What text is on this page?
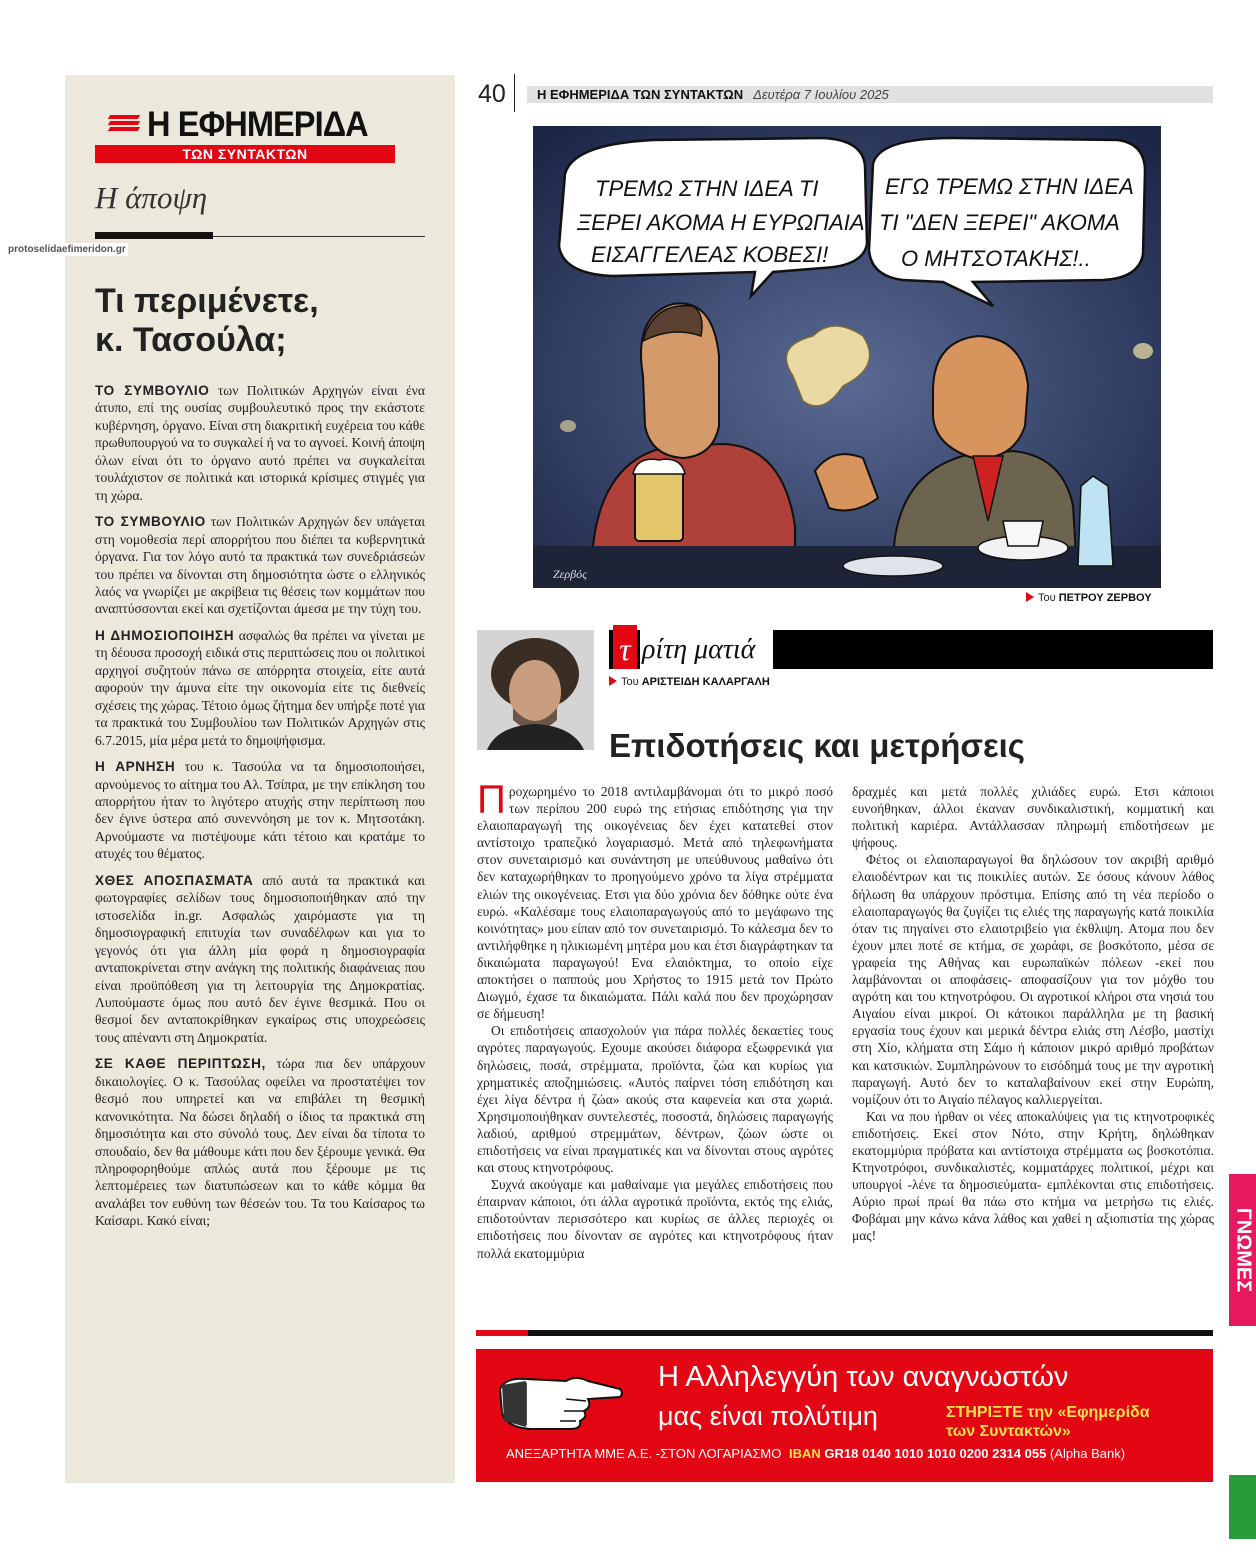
Η ΕΦΗΜΕΡΙΔΑ
ΤΩΝ ΣΥΝΤΑΚΤΩΝ
Η άποψη
Τι περιμένετε,
κ. Τασούλα;

ΤΟ ΣΥΜΒΟΥΛΙΟ των Πολιτικών Αρχηγών είναι ένα άτυπο, επί της ουσίας συμβουλευτικό προς την εκάστοτε κυβέρνηση, όργανο. Είναι στη διακριτική ευχέρεια του κάθε πρωθυπουργού να το συγκαλεί ή να το αγνοεί. Κοινή άποψη όλων είναι ότι το όργανο αυτό πρέπει να συγκαλείται τουλάχιστον σε πολιτικά και ιστορικά κρίσιμες στιγμές για τη χώρα.

ΤΟ ΣΥΜΒΟΥΛΙΟ των Πολιτικών Αρχηγών δεν υπάγεται στη νομοθεσία περί απορρήτου που διέπει τα κυβερνητικά όργανα. Για τον λόγο αυτό τα πρακτικά των συνεδριάσεών του πρέπει να δίνονται στη δημοσιότητα ώστε ο ελληνικός λαός να γνωρίζει με ακρίβεια τις θέσεις των κομμάτων που αναπτύσσονται εκεί και σχετίζονται άμεσα με την τύχη του.

Η ΔΗΜΟΣΙΟΠΟΙΗΣΗ ασφαλώς θα πρέπει να γίνεται με τη δέουσα προσοχή ειδικά στις περιπτώσεις που οι πολιτικοί αρχηγοί συζητούν πάνω σε απόρρητα στοιχεία, είτε αυτά αφορούν την άμυνα είτε την οικονομία είτε τις διεθνείς σχέσεις της χώρας. Τέτοιο όμως ζήτημα δεν υπήρξε ποτέ για τα πρακτικά του Συμβουλίου των Πολιτικών Αρχηγών στις 6.7.2015, μία μέρα μετά το δημοψήφισμα.

Η ΑΡΝΗΣΗ του κ. Τασούλα να τα δημοσιοποιήσει, αρνούμενος το αίτημα του Αλ. Τσίπρα, με την επίκληση του απορρήτου ήταν το λιγότερο ατυχής στην περίπτωση που δεν έγινε ύστερα από συνεννόηση με τον κ. Μητσοτάκη. Αρνούμαστε να πιστέψουμε κάτι τέτοιο και κρατάμε το ατυχές του θέματος.

ΧΘΕΣ ΑΠΟΣΠΑΣΜΑΤΑ από αυτά τα πρακτικά και φωτογραφίες σελίδων τους δημοσιοποιήθηκαν από την ιστοσελίδα in.gr. Ασφαλώς χαιρόμαστε για τη δημοσιογραφική επιτυχία των συναδέλφων και για το γεγονός ότι για άλλη μία φορά η δημοσιογραφία ανταποκρίνεται στην ανάγκη της πολιτικής διαφάνειας που είναι προϋπόθεση για τη λειτουργία της Δημοκρατίας. Λυπούμαστε όμως που αυτό δεν έγινε θεσμικά. Που οι θεσμοί δεν ανταποκρίθηκαν εγκαίρως στις υποχρεώσεις τους απέναντι στη Δημοκρατία.

ΣΕ ΚΑΘΕ ΠΕΡΙΠΤΩΣΗ, τώρα πια δεν υπάρχουν δικαιολογίες. Ο κ. Τασούλας οφείλει να προστατέψει τον θεσμό που υπηρετεί και να επιβάλει τη θεσμική κανονικότητα. Να δώσει δηλαδή ο ίδιος τα πρακτικά στη δημοσιότητα και στο σύνολό τους. Δεν είναι δα τίποτα το σπουδαίο, δεν θα μάθουμε κάτι που δεν ξέρουμε γενικά. Θα πληροφορηθούμε απλώς αυτά που ξέρουμε με τις λεπτομέρειες των διατυπώσεων και το κάθε κόμμα θα αναλάβει τον ευθύνη των θέσεών του. Τα του Καίσαρος τω Καίσαρι. Κακό είναι;

protoselidaefimeridon.gr
40	Η ΕΦΗΜΕΡΙΔΑ ΤΩΝ ΣΥΝΤΑΚΤΩΝ Δευτέρα 7 Ιουλίου 2025
ΤΡΕΜΩ ΣΤΗΝ ΙΔΕΑ ΤΙ
ΞΕΡΕΙ ΑΚΟΜΑ Η ΕΥΡΩΠΑΙΑ
ΕΙΣΑΓΓΕΛΕΑΣ ΚΟΒΕΣΙ!
ΕΓΩ ΤΡΕΜΩ ΣΤΗΝ ΙΔΕΑ
ΤΙ "ΔΕΝ ΞΕΡΕΙ" ΑΚΟΜΑ
Ο ΜΗΤΣΟΤΑΚΗΣ!..
Ζερβός
Του ΠΕΤΡΟΥ ΖΕΡΒΟΥ
τ ρίτη ματιά
Του ΑΡΙΣΤΕΙΔΗ ΚΑΛΑΡΓΑΛΗ
Επιδοτήσεις και μετρήσεις

Προχωρημένο το 2018 αντιλαμβάνομαι ότι το μικρό ποσό των περίπου 200 ευρώ της ετήσιας επιδότησης για την ελαιοπαραγωγή της οικογένειας δεν έχει κατατεθεί στον αντίστοιχο τραπεζικό λογαριασμό. Μετά από τηλεφωνήματα στον συνεταιρισμό και συνάντηση με υπεύθυνους μαθαίνω ότι δεν καταχωρήθηκαν το προηγούμενο χρόνο τα λίγα στρέμματα ελιών της οικογένειας. Ετσι για δύο χρόνια δεν δόθηκε ούτε ένα ευρώ. «Καλέσαμε τους ελαιοπαραγωγούς από το μεγάφωνο της κοινότητας» μου είπαν από τον συνεταιρισμό. Το κάλεσμα δεν το αντιλήφθηκε η ηλικιωμένη μητέρα μου και έτσι διαγράφτηκαν τα δικαιώματα παραγωγού! Ενα ελαιόκτημα, το οποίο είχε αποκτήσει ο παππούς μου Χρήστος το 1915 μετά τον Πρώτο Διωγμό, έχασε τα δικαιώματα. Πάλι καλά που δεν προχώρησαν σε δήμευση!

Οι επιδοτήσεις απασχολούν για πάρα πολλές δεκαετίες τους αγρότες παραγωγούς. Εχουμε ακούσει διάφορα εξωφρενικά για δηλώσεις, ποσά, στρέμματα, προϊόντα, ζώα και κυρίως για χρηματικές αποζημιώσεις. «Αυτός παίρνει τόση επιδότηση και έχει λίγα δέντρα ή ζώα» ακούς στα καφενεία και στα χωριά. Χρησιμοποιήθηκαν συντελεστές, ποσοστά, δηλώσεις παραγωγής λαδιού, αριθμού στρεμμάτων, δέντρων, ζώων ώστε οι επιδοτήσεις να είναι πραγματικές και να δίνονται στους αγρότες και στους κτηνοτρόφους.

Συχνά ακούγαμε και μαθαίναμε για μεγάλες επιδοτήσεις που έπαιρναν κάποιοι, ότι άλλα αγροτικά προϊόντα, εκτός της ελιάς, επιδοτούνταν περισσότερο και κυρίως σε άλλες περιοχές οι επιδοτήσεις που δίνονταν σε αγρότες και κτηνοτρόφους ήταν πολλά εκατομμύρια

δραχμές και μετά πολλές χιλιάδες ευρώ. Ετσι κάποιοι ευνοήθηκαν, άλλοι έκαναν συνδικαλιστική, κομματική και πολιτική καριέρα. Αντάλλασσαν πληρωμή επιδοτήσεων με ψήφους.

Φέτος οι ελαιοπαραγωγοί θα δηλώσουν τον ακριβή αριθμό ελαιοδέντρων και τις ποικιλίες αυτών. Σε όσους κάνουν λάθος δήλωση θα υπάρχουν πρόστιμα. Επίσης από τη νέα περίοδο ο ελαιοπαραγωγός θα ζυγίζει τις ελιές της παραγωγής κατά ποικιλία όταν τις πηγαίνει στο ελαιοτριβείο για έκθλιψη. Ατομα που δεν έχουν μπει ποτέ σε κτήμα, σε χωράφι, σε βοσκότοπο, μέσα σε γραφεία της Αθήνας και ευρωπαϊκών πόλεων -εκεί που λαμβάνονται οι αποφάσεις- αποφασίζουν για τον μόχθο του αγρότη και του κτηνοτρόφου. Οι αγροτικοί κλήροι στα νησιά του Αιγαίου είναι μικροί. Οι κάτοικοι παράλληλα με τη βασική εργασία τους έχουν και μερικά δέντρα ελιάς στη Λέσβο, μαστίχι στη Χίο, κλήματα στη Σάμο ή κάποιον μικρό αριθμό προβάτων και κατσικιών. Συμπληρώνουν το εισόδημά τους με την αγροτική παραγωγή. Αυτό δεν το καταλαβαίνουν εκεί στην Ευρώπη, νομίζουν ότι το Αιγαίο πέλαγος καλλιεργείται.

Και να που ήρθαν οι νέες αποκαλύψεις για τις κτηνοτροφικές επιδοτήσεις. Εκεί στον Νότο, στην Κρήτη, δηλώθηκαν εκατομμύρια πρόβατα και αντίστοιχα στρέμματα ως βοσκοτόπια. Κτηνοτρόφοι, συνδικαλιστές, κομματάρχες πολιτικοί, μέχρι και υπουργοί -λένε τα δημοσιεύματα- εμπλέκονται στις επιδοτήσεις. Αύριο πρωί πρωί θα πάω στο κτήμα να μετρήσω τις ελιές. Φοβάμαι μην κάνω κάνα λάθος και χαθεί η αξιοπιστία της χώρας μας!

Η Αλληλεγγύη των αναγνωστών
μας είναι πολύτιμη	ΣΤΗΡΙΞΤΕ την «Εφημερίδα
των Συντακτών»
ΑΝΕΞΑΡΤΗΤΑ ΜΜΕ Α.Ε. -ΣΤΟΝ ΛΟΓΑΡΙΑΣΜΟ IBAN GR18 0140 1010 1010 0200 2314 055 (Alpha Bank)
ΓΝΩΜΕΣ
